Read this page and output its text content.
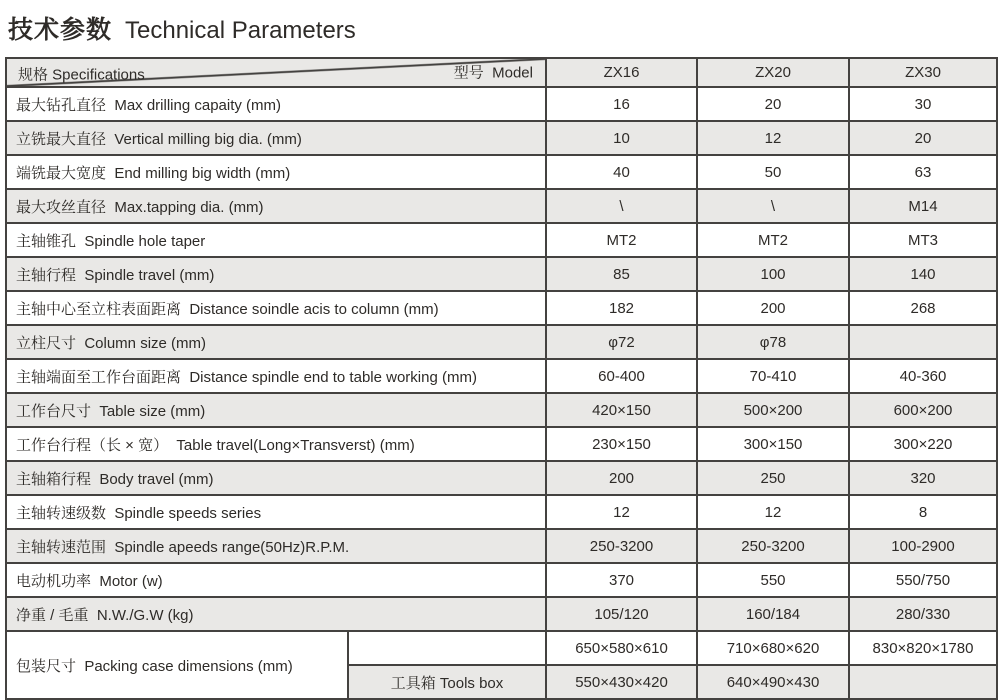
技术参数 Technical Parameters
规格 Specifications 型号  Model		ZX16	ZX20	ZX30
最大钻孔直径  Max drilling capaity (mm)		16	20	30
立铣最大直径  Vertical milling big dia. (mm)		10	12	20
端铣最大宽度  End milling big width (mm)		40	50	63
最大攻丝直径  Max.tapping dia. (mm)		\	\	M14
主轴锥孔  Spindle hole taper		MT2	MT2	MT3
主轴行程  Spindle travel (mm)		85	100	140
主轴中心至立柱表面距离  Distance soindle acis to column (mm)		182	200	268
立柱尺寸  Column size (mm)		φ72	φ78	
主轴端面至工作台面距离  Distance spindle end to table working (mm)		60-400	70-410	40-360
工作台尺寸  Table size (mm)		420×150	500×200	600×200
工作台行程（长 × 宽）  Table travel(Long×Transverst) (mm)		230×150	300×150	300×220
主轴箱行程  Body travel (mm)		200	250	320
主轴转速级数  Spindle speeds series		12	12	8
主轴转速范围  Spindle apeeds range(50Hz)R.P.M.		250-3200	250-3200	100-2900
电动机功率  Motor (w)		370	550	550/750
净重 / 毛重  N.W./G.W (kg)		105/120	160/184	280/330
包装尺寸  Packing case dimensions (mm)		650×580×610	710×680×620	830×820×1780
	工具箱 Tools box	550×430×420	640×490×430	
